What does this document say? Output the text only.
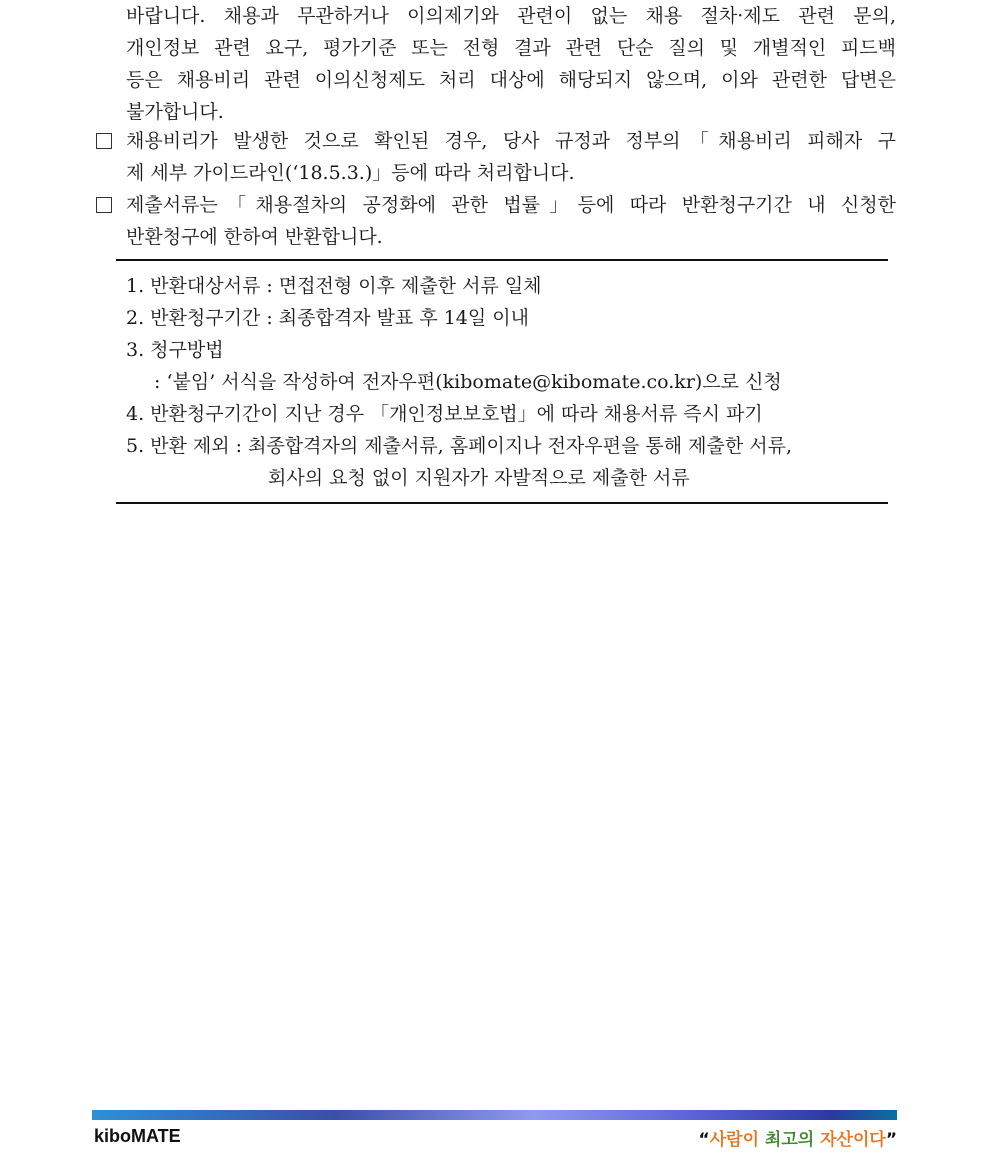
바랍니다. 채용과 무관하거나 이의제기와 관련이 없는 채용 절차·제도 관련 문의,
개인정보 관련 요구, 평가기준 또는 전형 결과 관련 단순 질의 및 개별적인 피드백
등은 채용비리 관련 이의신청제도 처리 대상에 해당되지 않으며, 이와 관련한 답변은
불가합니다.
채용비리가 발생한 것으로 확인된 경우, 당사 규정과 정부의「채용비리 피해자 구
제 세부 가이드라인(‘18.5.3.)」등에 따라 처리합니다.
제출서류는「채용절차의 공정화에 관한 법률」등에 따라 반환청구기간 내 신청한
반환청구에 한하여 반환합니다.
1. 반환대상서류 : 면접전형 이후 제출한 서류 일체
2. 반환청구기간 : 최종합격자 발표 후 14일 이내
3. 청구방법
: ‘붙임’ 서식을 작성하여 전자우편(kibomate@kibomate.co.kr)으로 신청
4. 반환청구기간이 지난 경우 「개인정보보호법」에 따라 채용서류 즉시 파기
5. 반환 제외 : 최종합격자의 제출서류, 홈페이지나 전자우편을 통해 제출한 서류,
회사의 요청 없이 지원자가 자발적으로 제출한 서류
kiboMATE	“사람이 최고의 자산이다”
